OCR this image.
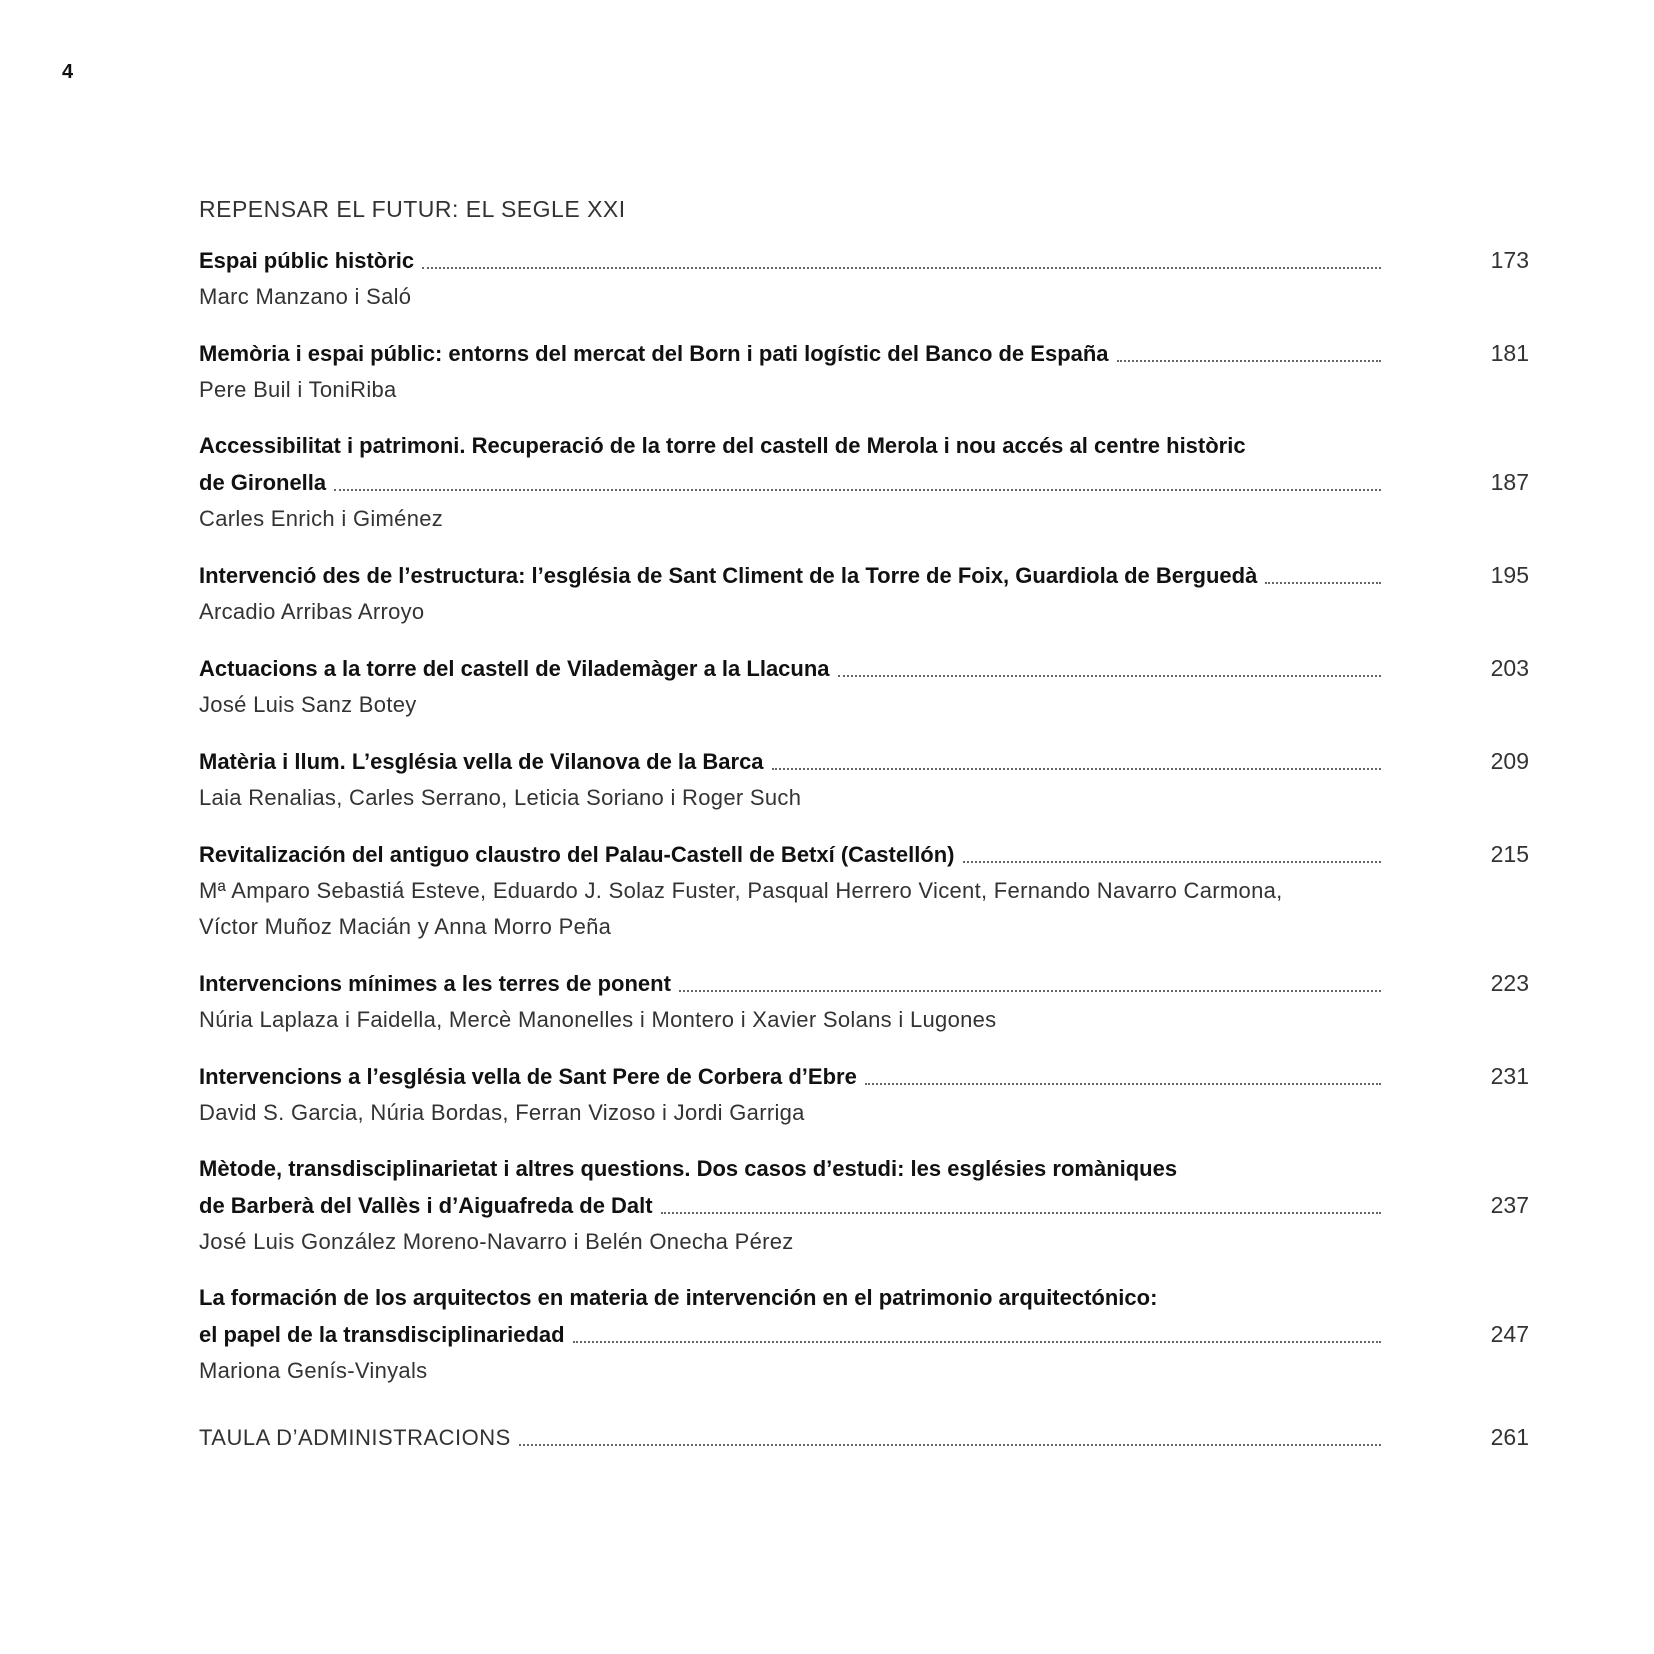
4
REPENSAR EL FUTUR: EL SEGLE XXI
Espai públic històric	173
Marc Manzano i Saló
Memòria i espai públic: entorns del mercat del Born i pati logístic del Banco de España	181
Pere Buil i ToniRiba
Accessibilitat i patrimoni. Recuperació de la torre del castell de Merola i nou accés al centre històric
de Gironella	187
Carles Enrich i Giménez
Intervenció des de l’estructura: l’església de Sant Climent de la Torre de Foix, Guardiola de Berguedà	195
Arcadio Arribas Arroyo
Actuacions a la torre del castell de Vilademàger a la Llacuna	203
José Luis Sanz Botey
Matèria i llum. L’església vella de Vilanova de la Barca	209
Laia Renalias, Carles Serrano, Leticia Soriano i Roger Such
Revitalización del antiguo claustro del Palau-Castell de Betxí (Castellón)	215
Mª Amparo Sebastiá Esteve, Eduardo J. Solaz Fuster, Pasqual Herrero Vicent, Fernando Navarro Carmona,
Víctor Muñoz Macián y Anna Morro Peña
Intervencions mínimes a les terres de ponent	223
Núria Laplaza i Faidella, Mercè Manonelles i Montero i Xavier Solans i Lugones
Intervencions a l’església vella de Sant Pere de Corbera d’Ebre	231
David S. Garcia, Núria Bordas, Ferran Vizoso i Jordi Garriga
Mètode, transdisciplinarietat i altres questions. Dos casos d’estudi: les esglésies romàniques
de Barberà del Vallès i d’Aiguafreda de Dalt	237
José Luis González Moreno-Navarro i Belén Onecha Pérez
La formación de los arquitectos en materia de intervención en el patrimonio arquitectónico:
el papel de la transdisciplinariedad	247
Mariona Genís-Vinyals
TAULA D’ADMINISTRACIONS	261
